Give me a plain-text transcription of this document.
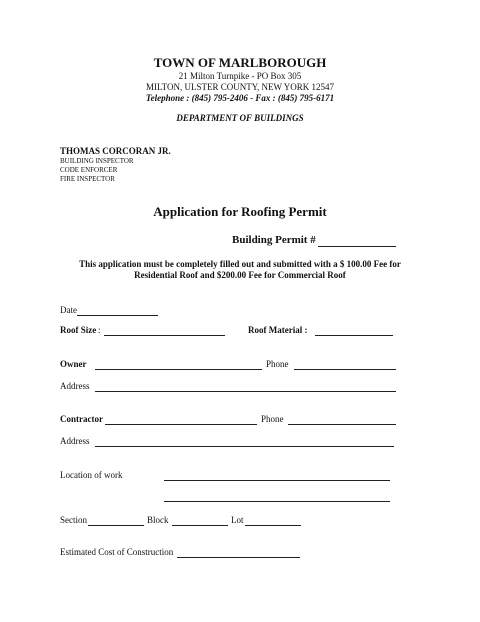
TOWN OF MARLBOROUGH
21 Milton Turnpike - PO Box 305
MILTON, ULSTER COUNTY, NEW YORK 12547
Telephone : (845) 795-2406 - Fax : (845) 795-6171
DEPARTMENT OF BUILDINGS
THOMAS CORCORAN JR.
BUILDING INSPECTOR
CODE ENFORCER
FIRE INSPECTOR
Application for Roofing Permit
Building Permit #
This application must be completely filled out and submitted with a $ 100.00 Fee for
Residential Roof and $200.00 Fee for Commercial Roof
Date
Roof Size :	Roof Material :
Owner	Phone
Address
Contractor	Phone
Address
Location of work
Section	Block	Lot
Estimated Cost of Construction
